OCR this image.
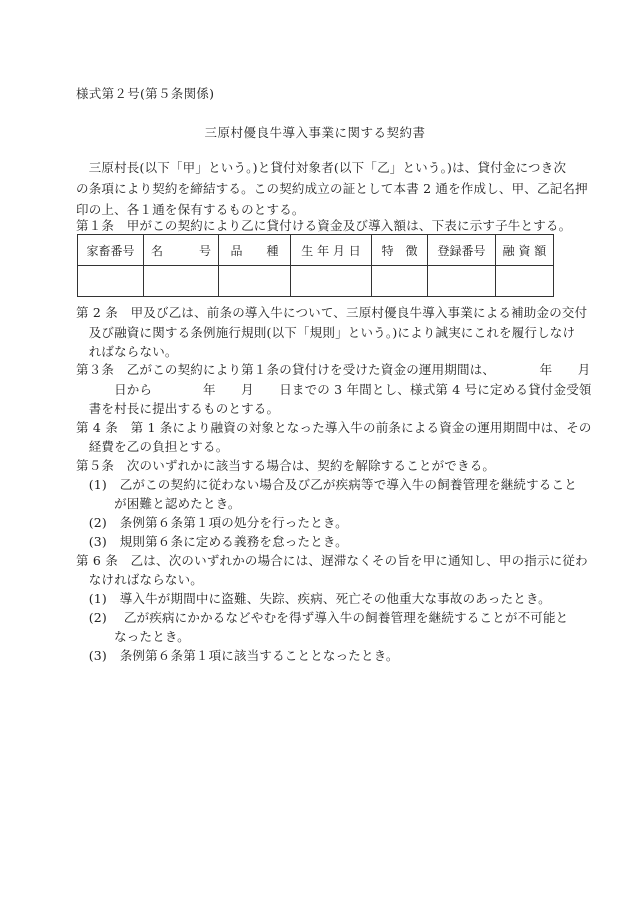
様式第２号(第５条関係)
三原村優良牛導入事業に関する契約書
　三原村長(以下「甲」という。)と貸付対象者(以下「乙」という。)は、貸付金につき次
の条項により契約を締結する。この契約成立の証として本書 2 通を作成し、甲、乙記名押
印の上、各１通を保有するものとする。
第１条　甲がこの契約により乙に貸付ける資金及び導入額は、下表に示す子牛とする。
家畜番号	名　　　号	品　　種	生 年 月 日	特　徴	登録番号	融 資 額

第 2 条　甲及び乙は、前条の導入牛について、三原村優良牛導入事業による補助金の交付
　及び融資に関する条例施行規則(以下「規則」という。)により誠実にこれを履行しなけ
　ればならない。
第３条　乙がこの契約により第１条の貸付けを受けた資金の運用期間は、　　　　年　　月
　　　日から　　　　年　　月　　日までの 3 年間とし、様式第 4 号に定める貸付金受領
　書を村長に提出するものとする。
第 4 条　第 1 条により融資の対象となった導入牛の前条による資金の運用期間中は、その
　経費を乙の負担とする。
第５条　次のいずれかに該当する場合は、契約を解除することができる。
　(1)　乙がこの契約に従わない場合及び乙が疾病等で導入牛の飼養管理を継続すること
　　　が困難と認めたとき。
　(2)　条例第６条第１項の処分を行ったとき。
　(3)　規則第６条に定める義務を怠ったとき。
第 6 条　乙は、次のいずれかの場合には、遅滞なくその旨を甲に通知し、甲の指示に従わ
　なければならない。
　(1)　導入牛が期間中に盗難、失踪、疾病、死亡その他重大な事故のあったとき。
　(2)　 乙が疾病にかかるなどやむを得ず導入牛の飼養管理を継続することが不可能と
　　　なったとき。
　(3)　条例第６条第１項に該当することとなったとき。
